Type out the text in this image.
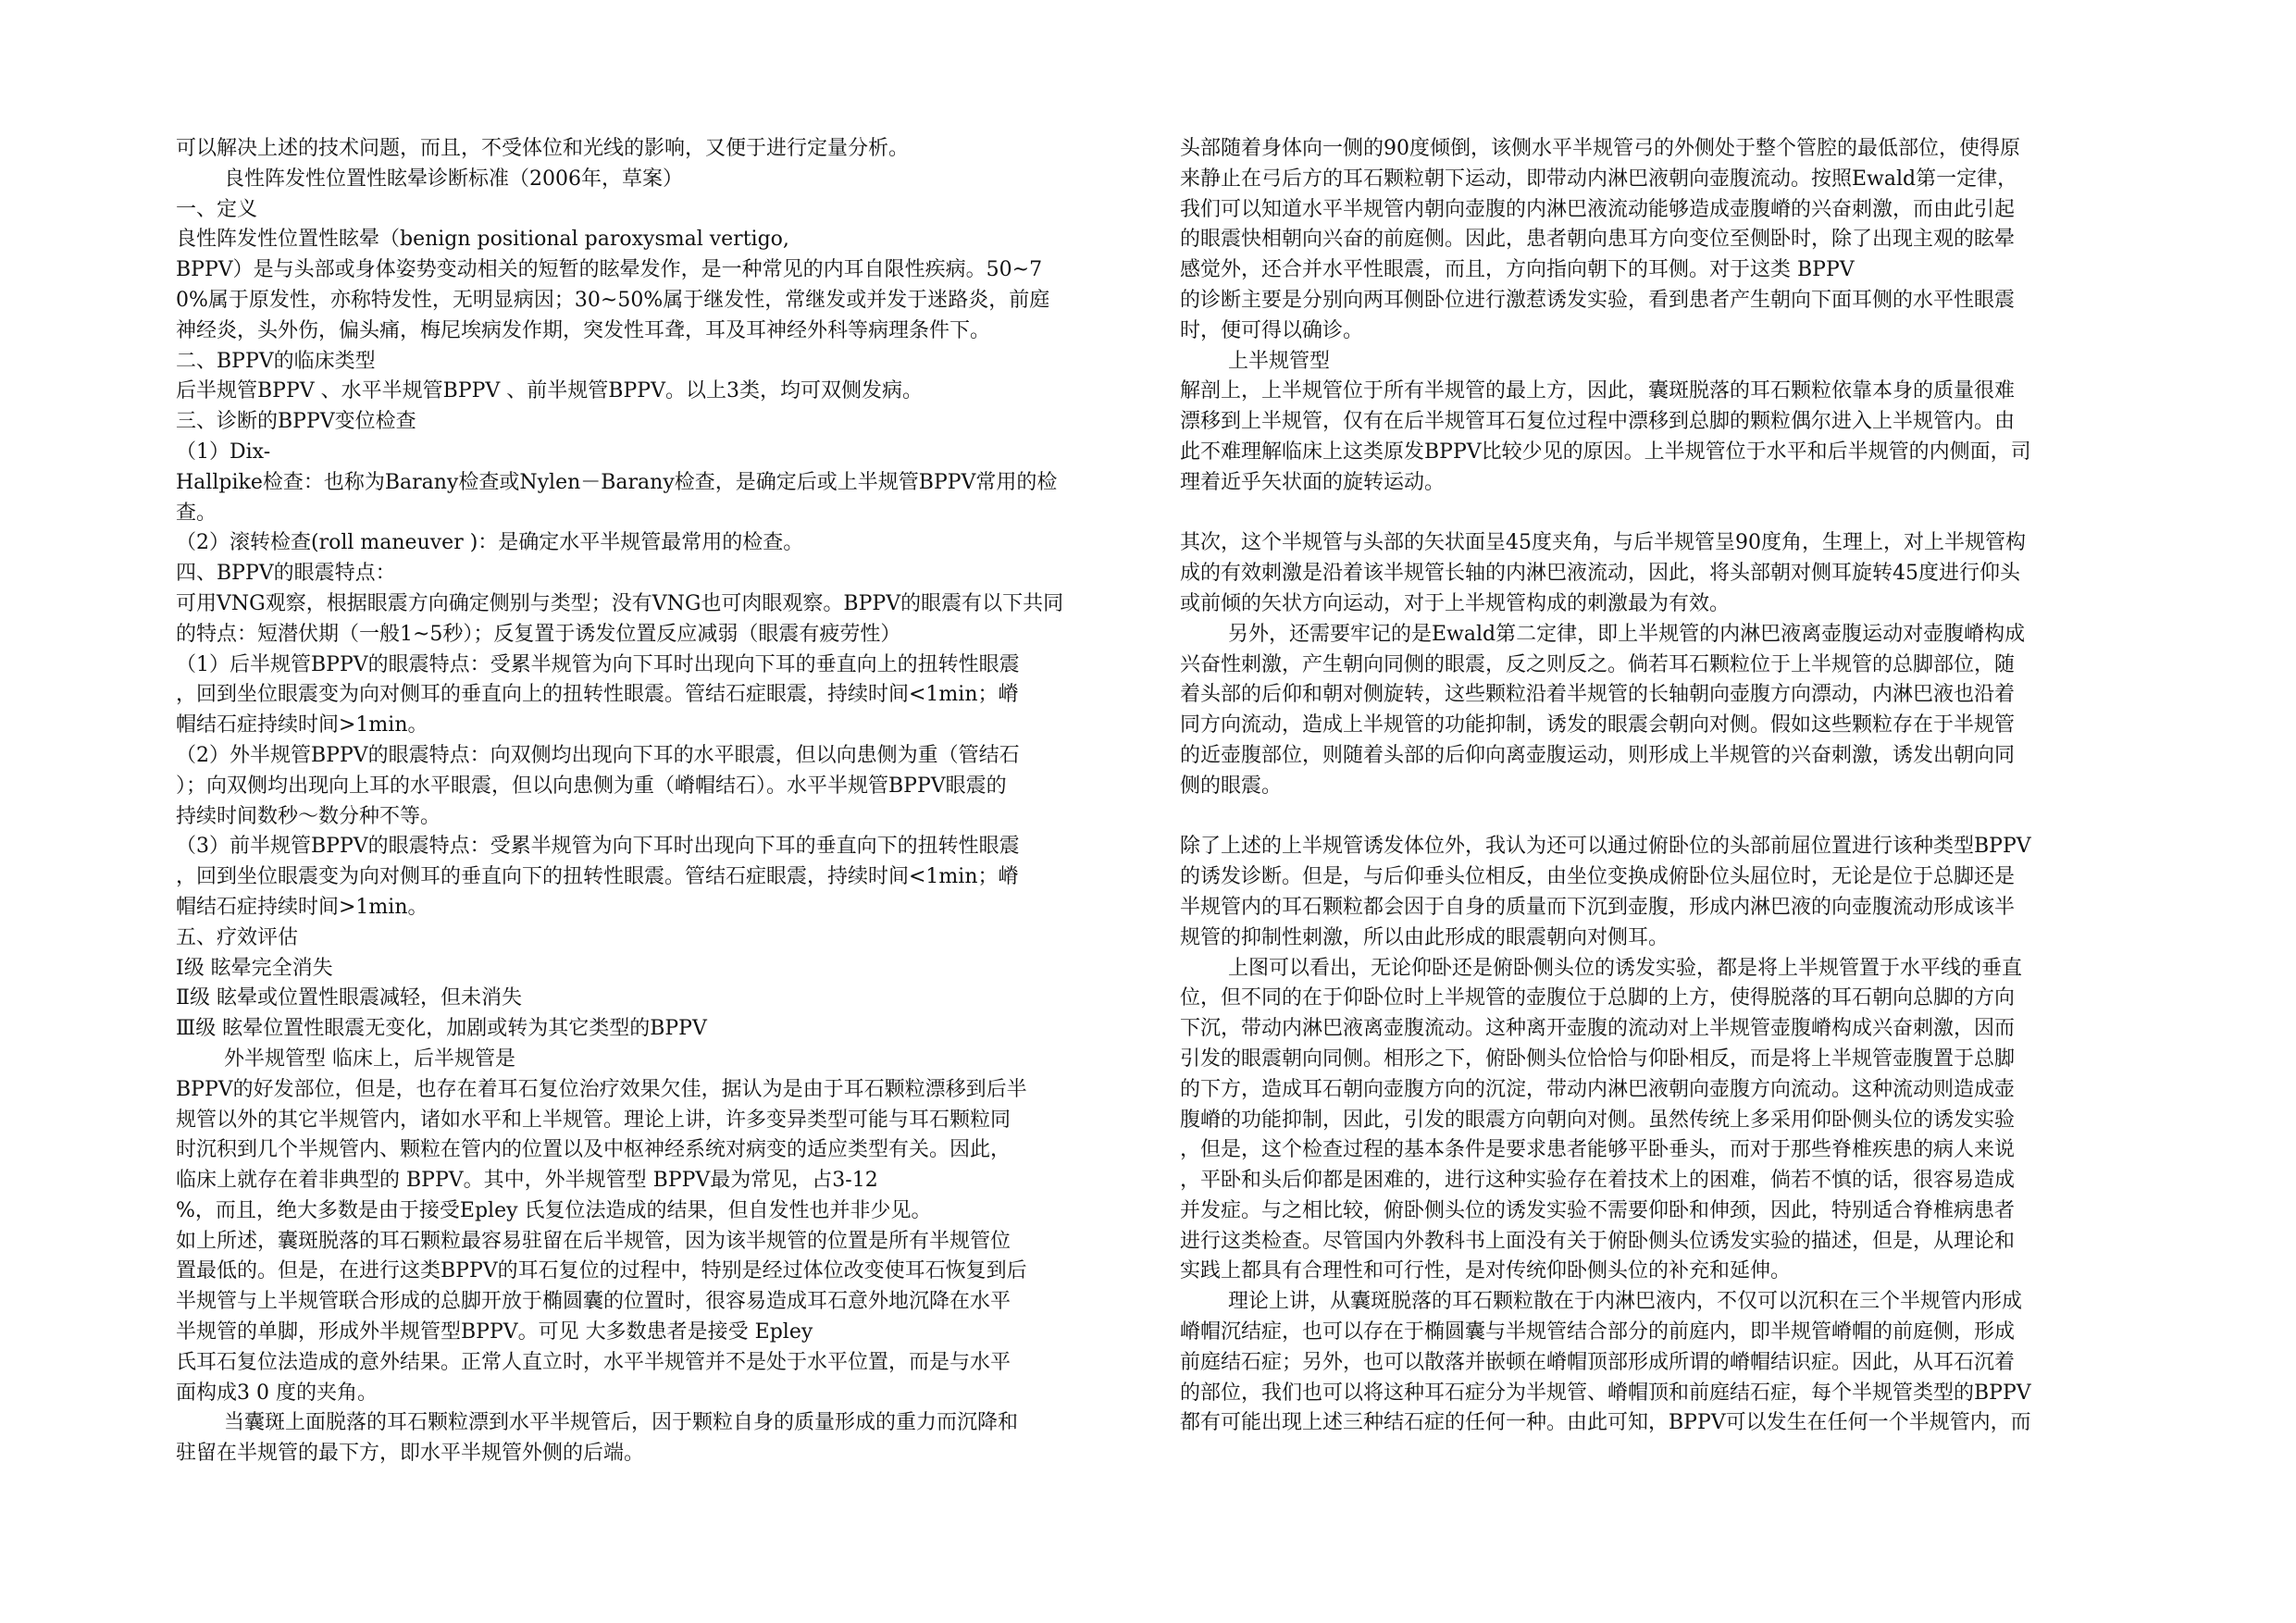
可以解决上述的技术问题，而且，不受体位和光线的影响，又便于进行定量分析。
良性阵发性位置性眩晕诊断标准（2006年，草案）
一、定义
良性阵发性位置性眩晕（benign positional paroxysmal vertigo,
BPPV）是与头部或身体姿势变动相关的短暂的眩晕发作，是一种常见的内耳自限性疾病。50~7
0%属于原发性，亦称特发性，无明显病因；30~50%属于继发性，常继发或并发于迷路炎，前庭
神经炎，头外伤，偏头痛，梅尼埃病发作期，突发性耳聋，耳及耳神经外科等病理条件下。
二、BPPV的临床类型
后半规管BPPV 、水平半规管BPPV 、前半规管BPPV。以上3类，均可双侧发病。
三、诊断的BPPV变位检查
（1）Dix-
Hallpike检查：也称为Barany检查或Nylen－Barany检查，是确定后或上半规管BPPV常用的检
查。
（2）滚转检查(roll maneuver )：是确定水平半规管最常用的检查。
四、BPPV的眼震特点：
可用VNG观察，根据眼震方向确定侧别与类型；没有VNG也可肉眼观察。BPPV的眼震有以下共同
的特点：短潜伏期（一般1~5秒）；反复置于诱发位置反应减弱（眼震有疲劳性）
（1）后半规管BPPV的眼震特点：受累半规管为向下耳时出现向下耳的垂直向上的扭转性眼震
，回到坐位眼震变为向对侧耳的垂直向上的扭转性眼震。管结石症眼震，持续时间<1min；嵴
帽结石症持续时间>1min。
（2）外半规管BPPV的眼震特点：向双侧均出现向下耳的水平眼震，但以向患侧为重（管结石
）；向双侧均出现向上耳的水平眼震，但以向患侧为重（嵴帽结石）。水平半规管BPPV眼震的
持续时间数秒～数分种不等。
（3）前半规管BPPV的眼震特点：受累半规管为向下耳时出现向下耳的垂直向下的扭转性眼震
，回到坐位眼震变为向对侧耳的垂直向下的扭转性眼震。管结石症眼震，持续时间<1min；嵴
帽结石症持续时间>1min。
五、疗效评估
Ⅰ级 眩晕完全消失
Ⅱ级 眩晕或位置性眼震减轻，但未消失
Ⅲ级 眩晕位置性眼震无变化，加剧或转为其它类型的BPPV
外半规管型 临床上，后半规管是
BPPV的好发部位，但是，也存在着耳石复位治疗效果欠佳，据认为是由于耳石颗粒漂移到后半
规管以外的其它半规管内，诸如水平和上半规管。理论上讲，许多变异类型可能与耳石颗粒同
时沉积到几个半规管内、颗粒在管内的位置以及中枢神经系统对病变的适应类型有关。因此，
临床上就存在着非典型的 BPPV。其中，外半规管型 BPPV最为常见，占3-12
%，而且，绝大多数是由于接受Epley 氏复位法造成的结果，但自发性也并非少见。
如上所述，囊斑脱落的耳石颗粒最容易驻留在后半规管，因为该半规管的位置是所有半规管位
置最低的。但是，在进行这类BPPV的耳石复位的过程中，特别是经过体位改变使耳石恢复到后
半规管与上半规管联合形成的总脚开放于椭圆囊的位置时，很容易造成耳石意外地沉降在水平
半规管的单脚，形成外半规管型BPPV。可见 大多数患者是接受 Epley
氏耳石复位法造成的意外结果。正常人直立时，水平半规管并不是处于水平位置，而是与水平
面构成3 0 度的夹角。
当囊斑上面脱落的耳石颗粒漂到水平半规管后，因于颗粒自身的质量形成的重力而沉降和
驻留在半规管的最下方，即水平半规管外侧的后端。
头部随着身体向一侧的90度倾倒，该侧水平半规管弓的外侧处于整个管腔的最低部位，使得原
来静止在弓后方的耳石颗粒朝下运动，即带动内淋巴液朝向壶腹流动。按照Ewald第一定律，
我们可以知道水平半规管内朝向壶腹的内淋巴液流动能够造成壶腹嵴的兴奋刺激，而由此引起
的眼震快相朝向兴奋的前庭侧。因此，患者朝向患耳方向变位至侧卧时，除了出现主观的眩晕
感觉外，还合并水平性眼震，而且，方向指向朝下的耳侧。对于这类 BPPV
的诊断主要是分别向两耳侧卧位进行激惹诱发实验，看到患者产生朝向下面耳侧的水平性眼震
时，便可得以确诊。
上半规管型
解剖上，上半规管位于所有半规管的最上方，因此，囊斑脱落的耳石颗粒依靠本身的质量很难
漂移到上半规管，仅有在后半规管耳石复位过程中漂移到总脚的颗粒偶尔进入上半规管内。由
此不难理解临床上这类原发BPPV比较少见的原因。上半规管位于水平和后半规管的内侧面，司
理着近乎矢状面的旋转运动。
其次，这个半规管与头部的矢状面呈45度夹角，与后半规管呈90度角，生理上，对上半规管构
成的有效刺激是沿着该半规管长轴的内淋巴液流动，因此，将头部朝对侧耳旋转45度进行仰头
或前倾的矢状方向运动，对于上半规管构成的刺激最为有效。
另外，还需要牢记的是Ewald第二定律，即上半规管的内淋巴液离壶腹运动对壶腹嵴构成
兴奋性刺激，产生朝向同侧的眼震，反之则反之。倘若耳石颗粒位于上半规管的总脚部位，随
着头部的后仰和朝对侧旋转，这些颗粒沿着半规管的长轴朝向壶腹方向漂动，内淋巴液也沿着
同方向流动，造成上半规管的功能抑制，诱发的眼震会朝向对侧。假如这些颗粒存在于半规管
的近壶腹部位，则随着头部的后仰向离壶腹运动，则形成上半规管的兴奋刺激，诱发出朝向同
侧的眼震。
除了上述的上半规管诱发体位外，我认为还可以通过俯卧位的头部前屈位置进行该种类型BPPV
的诱发诊断。但是，与后仰垂头位相反，由坐位变换成俯卧位头屈位时，无论是位于总脚还是
半规管内的耳石颗粒都会因于自身的质量而下沉到壶腹，形成内淋巴液的向壶腹流动形成该半
规管的抑制性刺激，所以由此形成的眼震朝向对侧耳。
上图可以看出，无论仰卧还是俯卧侧头位的诱发实验，都是将上半规管置于水平线的垂直
位，但不同的在于仰卧位时上半规管的壶腹位于总脚的上方，使得脱落的耳石朝向总脚的方向
下沉，带动内淋巴液离壶腹流动。这种离开壶腹的流动对上半规管壶腹嵴构成兴奋刺激，因而
引发的眼震朝向同侧。相形之下，俯卧侧头位恰恰与仰卧相反，而是将上半规管壶腹置于总脚
的下方，造成耳石朝向壶腹方向的沉淀，带动内淋巴液朝向壶腹方向流动。这种流动则造成壶
腹嵴的功能抑制，因此，引发的眼震方向朝向对侧。虽然传统上多采用仰卧侧头位的诱发实验
，但是，这个检查过程的基本条件是要求患者能够平卧垂头，而对于那些脊椎疾患的病人来说
，平卧和头后仰都是困难的，进行这种实验存在着技术上的困难，倘若不慎的话，很容易造成
并发症。与之相比较，俯卧侧头位的诱发实验不需要仰卧和伸颈，因此，特别适合脊椎病患者
进行这类检查。尽管国内外教科书上面没有关于俯卧侧头位诱发实验的描述，但是，从理论和
实践上都具有合理性和可行性，是对传统仰卧侧头位的补充和延伸。
理论上讲，从囊斑脱落的耳石颗粒散在于内淋巴液内，不仅可以沉积在三个半规管内形成
嵴帽沉结症，也可以存在于椭圆囊与半规管结合部分的前庭内，即半规管嵴帽的前庭侧，形成
前庭结石症；另外，也可以散落并嵌顿在嵴帽顶部形成所谓的嵴帽结识症。因此，从耳石沉着
的部位，我们也可以将这种耳石症分为半规管、嵴帽顶和前庭结石症，每个半规管类型的BPPV
都有可能出现上述三种结石症的任何一种。由此可知，BPPV可以发生在任何一个半规管内，而
